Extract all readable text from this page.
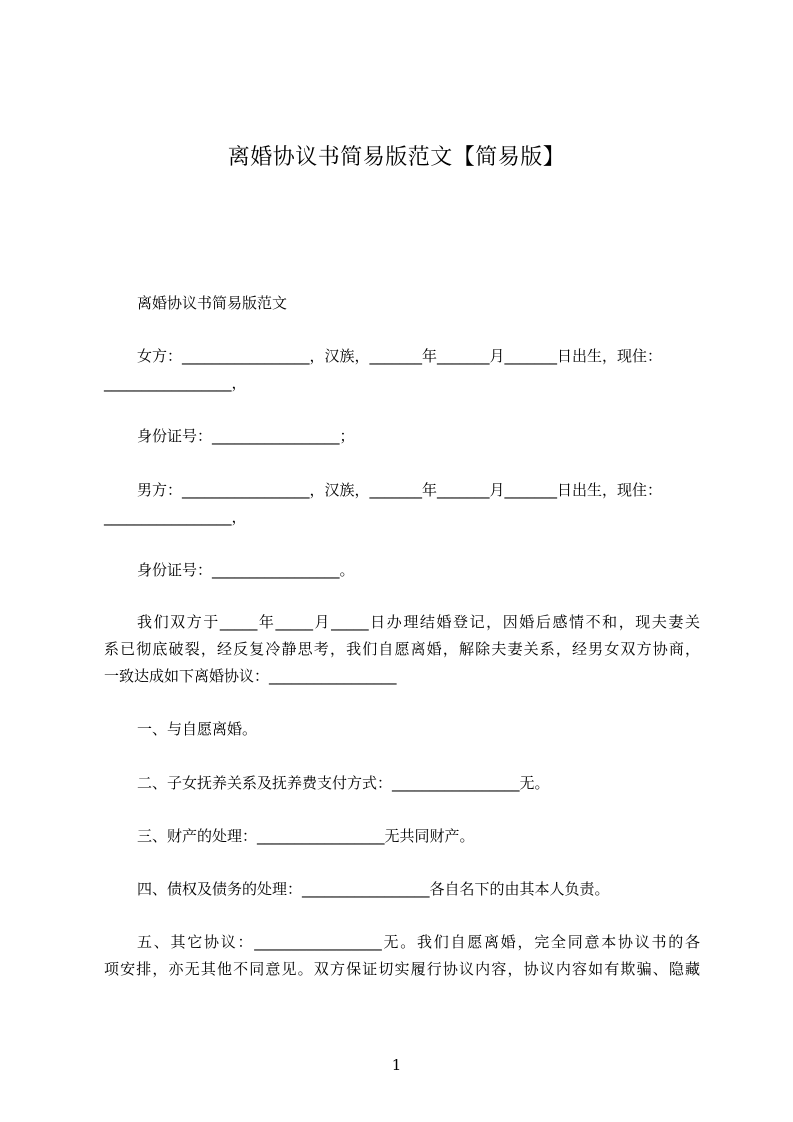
离婚协议书简易版范文【简易版】
离婚协议书简易版范文
女方：_________________，汉族，_______年_______月_______日出生，现住：
_________________，
身份证号：_________________；
男方：_________________，汉族，_______年_______月_______日出生，现住：
_________________，
身份证号：_________________。
我们双方于_____年_____月_____日办理结婚登记，因婚后感情不和，现夫妻关
系已彻底破裂，经反复冷静思考，我们自愿离婚，解除夫妻关系，经男女双方协商，
一致达成如下离婚协议：_________________
一、与自愿离婚。
二、子女抚养关系及抚养费支付方式：_________________无。
三、财产的处理：_________________无共同财产。
四、债权及债务的处理：_________________各自名下的由其本人负责。
五、其它协议：_________________无。我们自愿离婚，完全同意本协议书的各
项安排，亦无其他不同意见。双方保证切实履行协议内容，协议内容如有欺骗、隐藏
1
